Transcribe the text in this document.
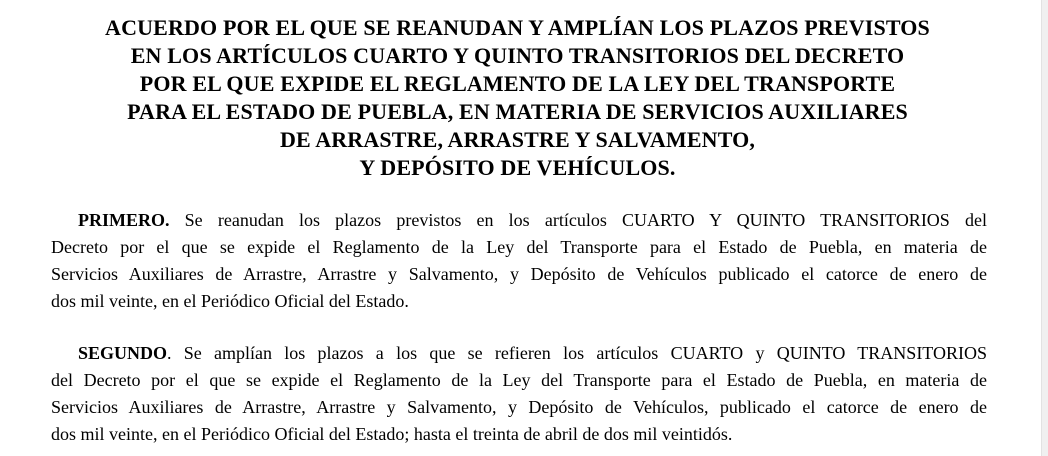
ACUERDO POR EL QUE SE REANUDAN Y AMPLÍAN LOS PLAZOS PREVISTOS
EN LOS ARTÍCULOS CUARTO Y QUINTO TRANSITORIOS DEL DECRETO
POR EL QUE EXPIDE EL REGLAMENTO DE LA LEY DEL TRANSPORTE
PARA EL ESTADO DE PUEBLA, EN MATERIA DE SERVICIOS AUXILIARES
DE ARRASTRE, ARRASTRE Y SALVAMENTO,
Y DEPÓSITO DE VEHÍCULOS.

PRIMERO. Se reanudan los plazos previstos en los artículos CUARTO Y QUINTO TRANSITORIOS del
Decreto por el que se expide el Reglamento de la Ley del Transporte para el Estado de Puebla, en materia de
Servicios Auxiliares de Arrastre, Arrastre y Salvamento, y Depósito de Vehículos publicado el catorce de enero de
dos mil veinte, en el Periódico Oficial del Estado.

SEGUNDO. Se amplían los plazos a los que se refieren los artículos CUARTO y QUINTO TRANSITORIOS
del Decreto por el que se expide el Reglamento de la Ley del Transporte para el Estado de Puebla, en materia de
Servicios Auxiliares de Arrastre, Arrastre y Salvamento, y Depósito de Vehículos, publicado el catorce de enero de
dos mil veinte, en el Periódico Oficial del Estado; hasta el treinta de abril de dos mil veintidós.
